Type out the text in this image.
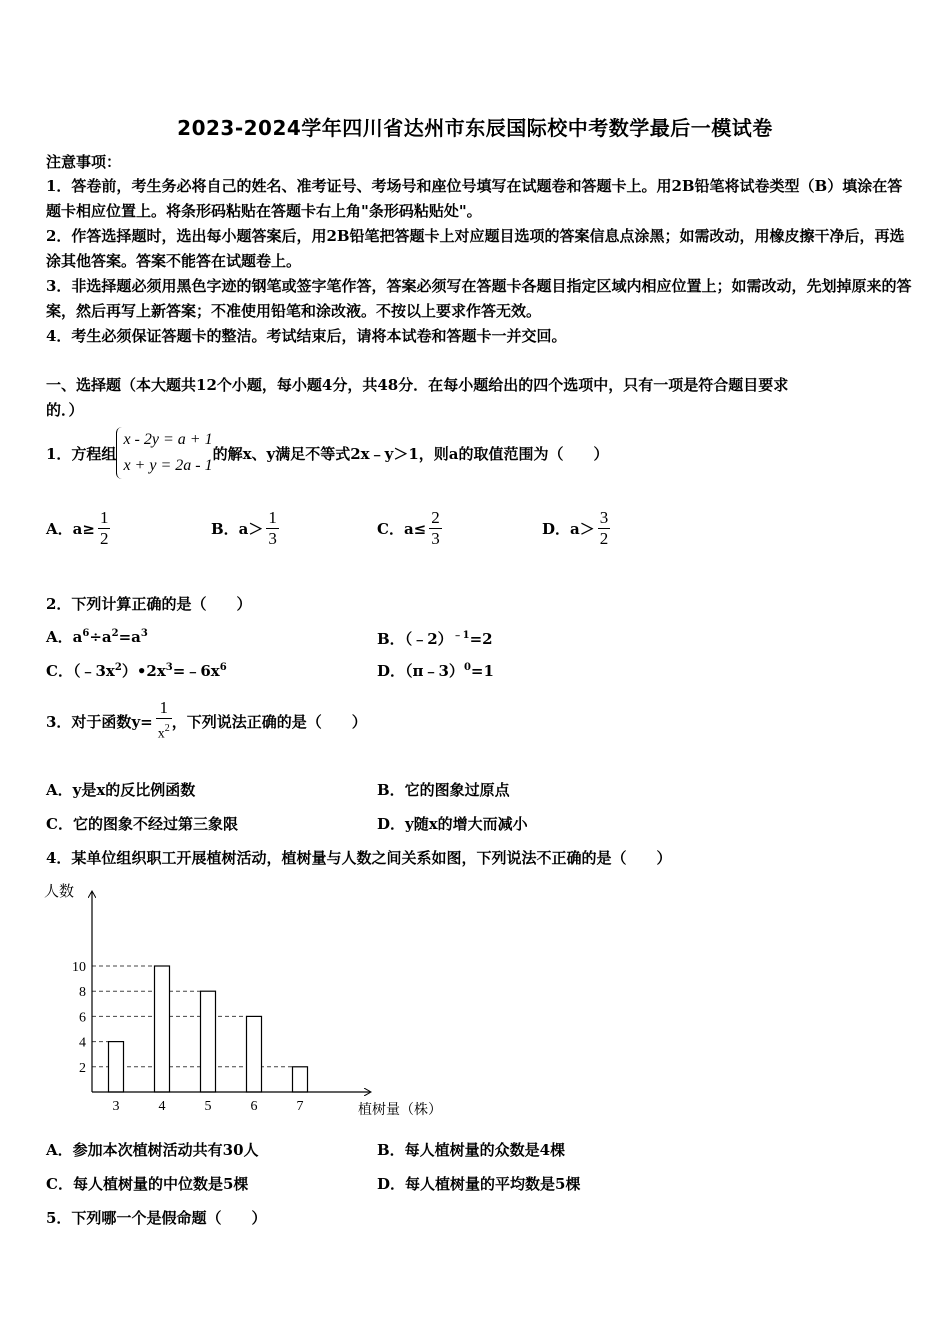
2023-2024学年四川省达州市东辰国际校中考数学最后一模试卷
注意事项：
1．答卷前，考生务必将自己的姓名、准考证号、考场号和座位号填写在试题卷和答题卡上。用2B铅笔将试卷类型（B）填涂在答题卡相应位置上。将条形码粘贴在答题卡右上角"条形码粘贴处"。
2．作答选择题时，选出每小题答案后，用2B铅笔把答题卡上对应题目选项的答案信息点涂黑；如需改动，用橡皮擦干净后，再选涂其他答案。答案不能答在试题卷上。
3．非选择题必须用黑色字迹的钢笔或签字笔作答，答案必须写在答题卡各题目指定区域内相应位置上；如需改动，先划掉原来的答案，然后再写上新答案；不准使用铅笔和涂改液。不按以上要求作答无效。
4．考生必须保证答题卡的整洁。考试结束后，请将本试卷和答题卡一并交回。
一、选择题（本大题共12个小题，每小题4分，共48分．在每小题给出的四个选项中，只有一项是符合题目要求
的．）
1．方程组
x - 2y = a + 1
x + y = 2a - 1
的解x、y满足不等式2x﹣y＞1，则a的取值范围为（　　）
A．$a\ge \frac{1}{2}$	B．$a> \frac{1}{3}$	C．$a\le \frac{2}{3}$	D．$a> \frac{3}{2}$
2．下列计算正确的是（　　）
A．$a^6\div a^2=a^3$	B．（﹣2）$^{﹣1}$=2
C．$(﹣3x^2)•2x^3=﹣6x^6$	D．（π﹣3）$^0$=1
3．对于函数$y= \frac{1}{x^2}$ ，下列说法正确的是（　　）
A．y是x的反比例函数	B．它的图象过原点
C．它的图象不经过第三象限	D．y随x的增大而减小
4．某单位组织职工开展植树活动，植树量与人数之间关系如图，下列说法不正确的是（　　）
2
4
6
8
10
3	4	5	6	7
人数
植树量（株）
A．参加本次植树活动共有30人	B．每人植树量的众数是4棵
C．每人植树量的中位数是5棵	D．每人植树量的平均数是5棵
5．下列哪一个是假命题（　　）
